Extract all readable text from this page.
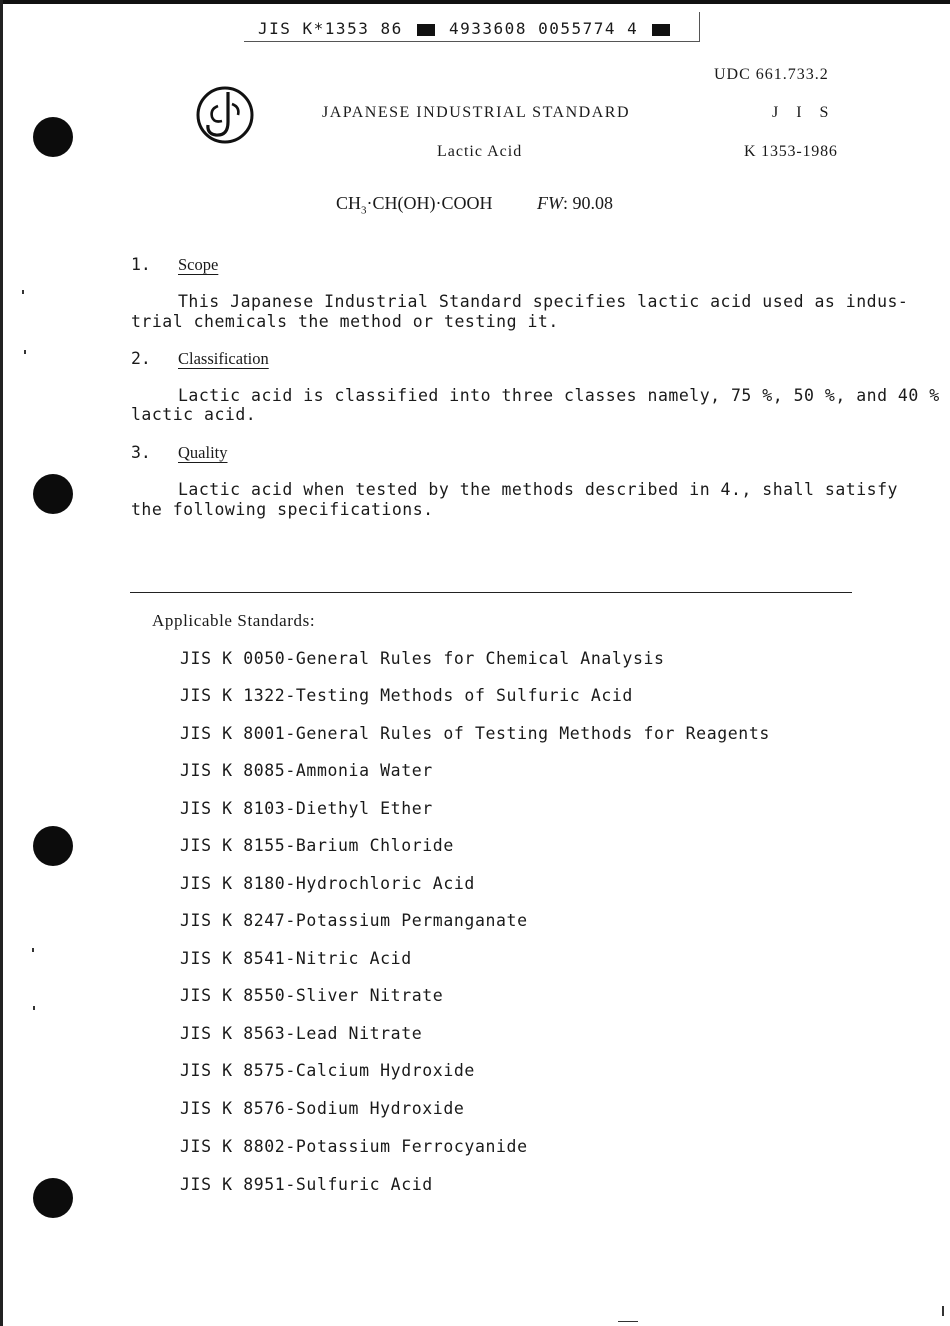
JIS K*1353 86	4933608 0055774 4
UDC 661.733.2
JAPANESE INDUSTRIAL STANDARD	J I S
Lactic Acid	K 1353-1986
$CH_3\cdot CH(OH)\cdot COOH$ FW: 90.08
1. Scope
This Japanese Industrial Standard specifies lactic acid used as indus-
trial chemicals the method or testing it.
2. Classification
Lactic acid is classified into three classes namely, 75 %, 50 %, and 40 %
lactic acid.
3. Quality
Lactic acid when tested by the methods described in 4., shall satisfy
the following specifications.
Applicable Standards:
JIS K 0050-General Rules for Chemical Analysis
JIS K 1322-Testing Methods of Sulfuric Acid
JIS K 8001-General Rules of Testing Methods for Reagents
JIS K 8085-Ammonia Water
JIS K 8103-Diethyl Ether
JIS K 8155-Barium Chloride
JIS K 8180-Hydrochloric Acid
JIS K 8247-Potassium Permanganate
JIS K 8541-Nitric Acid
JIS K 8550-Sliver Nitrate
JIS K 8563-Lead Nitrate
JIS K 8575-Calcium Hydroxide
JIS K 8576-Sodium Hydroxide
JIS K 8802-Potassium Ferrocyanide
JIS K 8951-Sulfuric Acid
